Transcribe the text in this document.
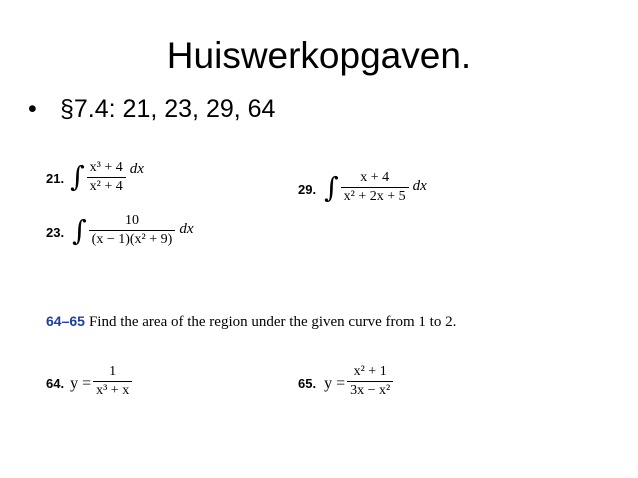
Huiswerkopgaven.
• §7.4: 21, 23, 29, 64
21. ∫ $\frac{\text{x³ + 4}}{\text{x² + 4}}$ dx
23. ∫ $\frac{10}{\text{(x − 1)(x² + 9)}}$ dx
29. ∫ $\frac{x + 4}{\text{x² + 2x + 5}}$ dx
64–65 Find the area of the region under the given curve from 1 to 2.
64. $y = \frac{1}{\text{x³ + x}}$	65. $y = \frac{\text{x² + 1}}{\text{3x − x²}}$
